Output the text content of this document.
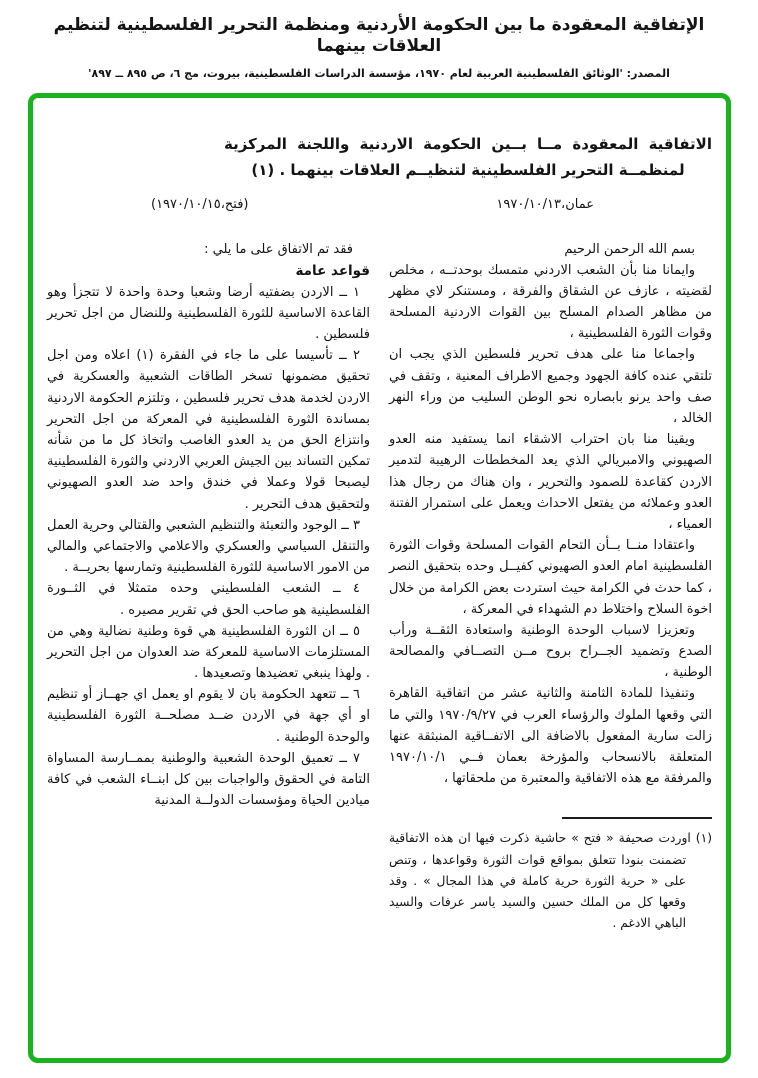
الإتفاقية المعقودة ما بين الحكومة الأردنية ومنظمة التحرير الفلسطينية لتنظيم العلاقات بينهما
المصدر: 'الوثائق الفلسطينية العربية لعام ١٩٧٠، مؤسسة الدراسات الفلسطينية، بيروت، مج ٦، ص ٨٩٥ ــ ٨٩٧'

الاتفاقية المعقودة مــا بــين الحكومة الاردنية واللجنة المركزية لمنظمــة التحرير الفلسطينية لتنظيــم العلاقات بينهما . (١)

عمان،١٩٧٠/١٠/١٣
(فتح،١٩٧٠/١٠/١٥)

بسم الله الرحمن الرحيم

وايمانا منا بأن الشعب الاردني متمسك بوحدتــه ، مخلص لقضيته ، عازف عن الشقاق والفرقة ، ومستنكر لاي مظهر من مظاهر الصدام المسلح بين القوات الاردنية المسلحة وقوات الثورة الفلسطينية ،

واجماعا منا على هدف تحرير فلسطين الذي يجب ان تلتقي عنده كافة الجهود وجميع الاطراف المعنية ، وتقف في صف واحد يرنو بابصاره نحو الوطن السليب من وراء النهر الخالد ،

ويقينا منا بان احتراب الاشقاء انما يستفيد منه العدو الصهيوني والامبريالي الذي يعد المخططات الرهيبة لتدمير الاردن كقاعدة للصمود والتحرير ، وان هناك من رجال هذا العدو وعملائه من يفتعل الاحداث ويعمل على استمرار الفتنة العمياء ،

واعتقادا منــا بــأن التحام القوات المسلحة وقوات الثورة الفلسطينية امام العدو الصهيوني كفيــل وحده بتحقيق النصر ، كما حدث في الكرامة حيث استردت بعض الكرامة من خلال اخوة السلاح واختلاط دم الشهداء في المعركة ،

وتعزيزا لاسباب الوحدة الوطنية واستعادة الثقــة ورأب الصدع وتضميد الجــراح بروح مــن التصــافي والمصالحة الوطنية ،

وتنفيذا للمادة الثامنة والثانية عشر من اتفاقية القاهرة التي وقعها الملوك والرؤساء العرب في ١٩٧٠/٩/٢٧ والتي ما زالت سارية المفعول بالاضافة الى الاتفــاقية المنبثقة عنها المتعلقة بالانسحاب والمؤرخة بعمان فــي ١٩٧٠/١٠/١ والمرفقة مع هذه الاتفاقية والمعتبرة من ملحقاتها ،

(١) اوردت صحيفة « فتح » حاشية ذكرت فيها ان هذه الاتفاقية تضمنت بنودا تتعلق بمواقع قوات الثورة وقواعدها ، وتنص على « حرية الثورة حرية كاملة في هذا المجال » . وقد وقعها كل من الملك حسين والسيد ياسر عرفات والسيد الباهي الادغم .

فقد تم الاتفاق على ما يلي :

قواعد عامة

١ ــ الاردن بضفتيه أرضا وشعبا وحدة واحدة لا تتجزأ وهو القاعدة الاساسية للثورة الفلسطينية وللنضال من اجل تحرير فلسطين .

٢ ــ تأسيسا على ما جاء في الفقرة (١) اعلاه ومن اجل تحقيق مضمونها تسخر الطاقات الشعبية والعسكرية في الاردن لخدمة هدف تحرير فلسطين ، وتلتزم الحكومة الاردنية بمساندة الثورة الفلسطينية في المعركة من اجل التحرير وانتزاع الحق من يد العدو الغاصب واتخاذ كل ما من شأنه تمكين التساند بين الجيش العربي الاردني والثورة الفلسطينية ليصبحا قولا وعملا في خندق واحد ضد العدو الصهيوني ولتحقيق هدف التحرير .

٣ ــ الوجود والتعبئة والتنظيم الشعبي والقتالي وحرية العمل والتنقل السياسي والعسكري والاعلامي والاجتماعي والمالي من الامور الاساسية للثورة الفلسطينية وتمارسها بحريــة .

٤ ــ الشعب الفلسطيني وحده متمثلا في الثــورة الفلسطينية هو صاحب الحق في تقرير مصيره .

٥ ــ ان الثورة الفلسطينية هي قوة وطنية نضالية وهي من المستلزمات الاساسية للمعركة ضد العدوان من اجل التحرير . ولهذا ينبغي تعضيدها وتصعيدها .

٦ ــ تتعهد الحكومة بان لا يقوم او يعمل اي جهــاز أو تنظيم او أي جهة في الاردن ضــد مصلحــة الثورة الفلسطينية والوحدة الوطنية .

٧ ــ تعميق الوحدة الشعبية والوطنية بممــارسة المساواة التامة في الحقوق والواجبات بين كل ابنــاء الشعب في كافة ميادين الحياة ومؤسسات الدولــة المدنية
